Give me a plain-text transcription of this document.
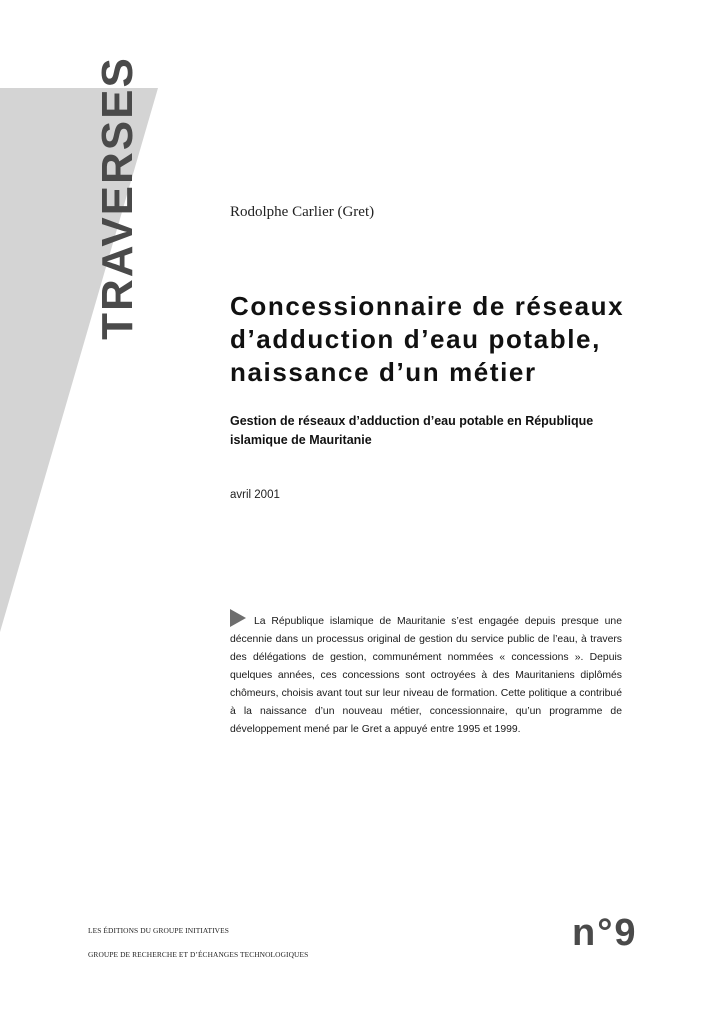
TRAVERSES	Rodolphe Carlier (Gret)
Concessionnaire de réseaux
d’adduction d’eau potable,
naissance d’un métier

Gestion de réseaux d’adduction d’eau potable en République
islamique de Mauritanie

avril 2001

La République islamique de Mauritanie s’est engagée depuis presque une décennie dans un processus original de gestion du service public de l’eau, à travers des délégations de gestion, communément nommées « concessions ». Depuis quelques années, ces concessions sont octroyées à des Mauritaniens diplômés chômeurs, choisis avant tout sur leur niveau de formation. Cette politique a contribué à la naissance d’un nouveau métier, concessionnaire, qu’un programme de développement mené par le Gret a appuyé entre 1995 et 1999.

LES ÉDITIONS DU GROUPE INITIATIVES
GROUPE DE RECHERCHE ET D’ÉCHANGES TECHNOLOGIQUES
n°9
